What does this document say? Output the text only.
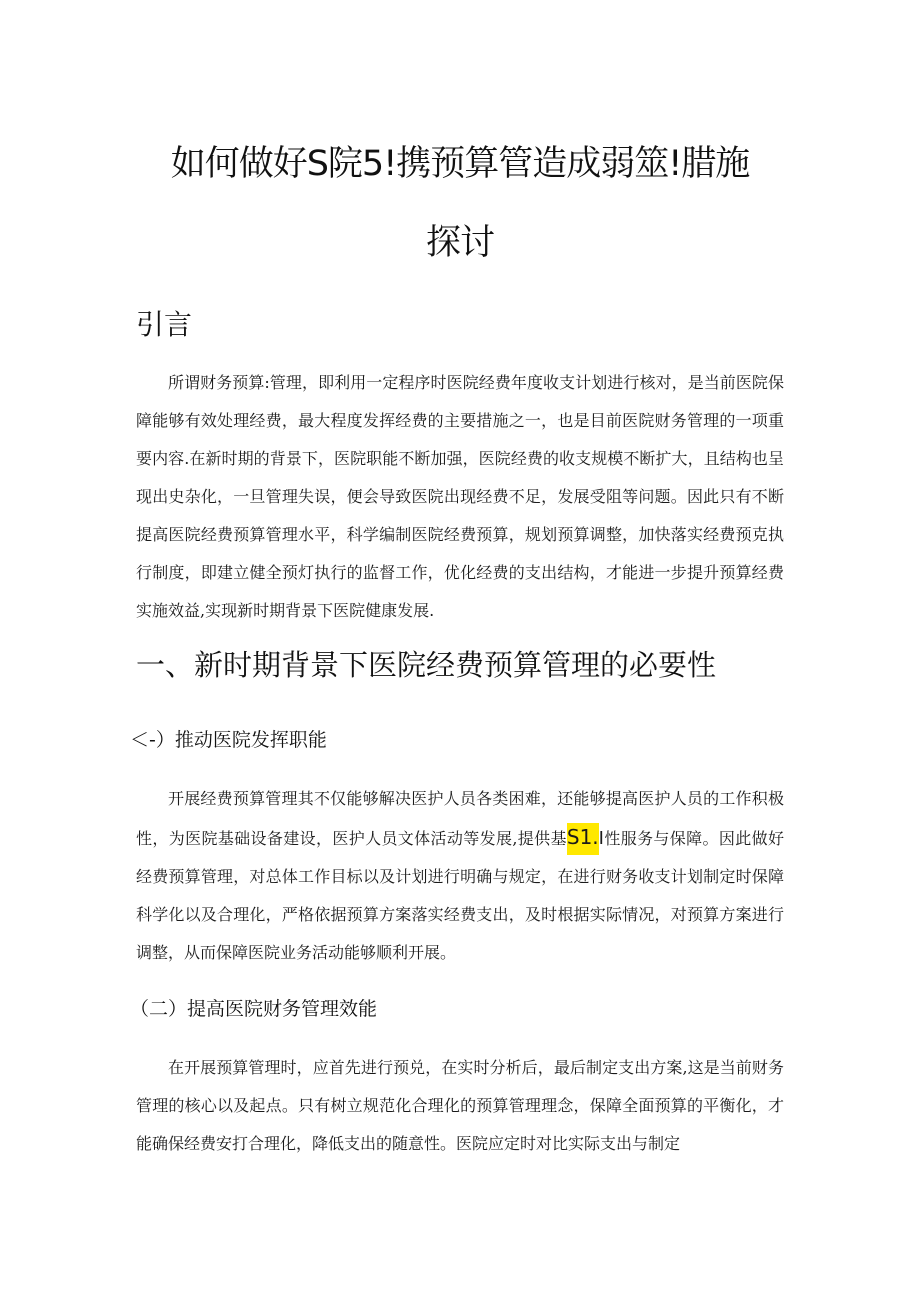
如何做好S院5!携预算管造成弱筮!腊施
探讨
引言

所谓财务预算:管理，即利用一定程序时医院经费年度收支计划进行核对，是当前医院保障能够有效处理经费，最大程度发挥经费的主要措施之一，也是目前医院财务管理的一项重要内容.在新时期的背景下，医院职能不断加强，医院经费的收支规模不断扩大，且结构也呈现出史杂化，一旦管理失误，便会导致医院出现经费不足，发展受阻等问题。因此只有不断提高医院经费预算管理水平，科学编制医院经费预算，规划预算调整，加快落实经费预克执行制度，即建立健全预灯执行的监督工作，优化经费的支出结构，才能进一步提升预算经费实施效益,实现新时期背景下医院健康发展.

一、新时期背景下医院经费预算管理的必要性
＜-）推动医院发挥职能

开展经费预算管理其不仅能够解决医护人员各类困难，还能够提高医护人员的工作积极性，为医院基础设备建设，医护人员文体活动等发展,提供基S1.I性服务与保障。因此做好经费预算管理，对总体工作目标以及计划进行明确与规定，在进行财务收支计划制定时保障科学化以及合理化，严格依据预算方案落实经费支出，及时根据实际情况，对预算方案进行调整，从而保障医院业务活动能够顺利开展。

（二）提高医院财务管理效能

在开展预算管理时，应首先进行预兑，在实时分析后，最后制定支出方案,这是当前财务管理的核心以及起点。只有树立规范化合理化的预算管理理念，保障全面预算的平衡化，才能确保经费安打合理化，降低支出的随意性。医院应定时对比实际支出与制定
